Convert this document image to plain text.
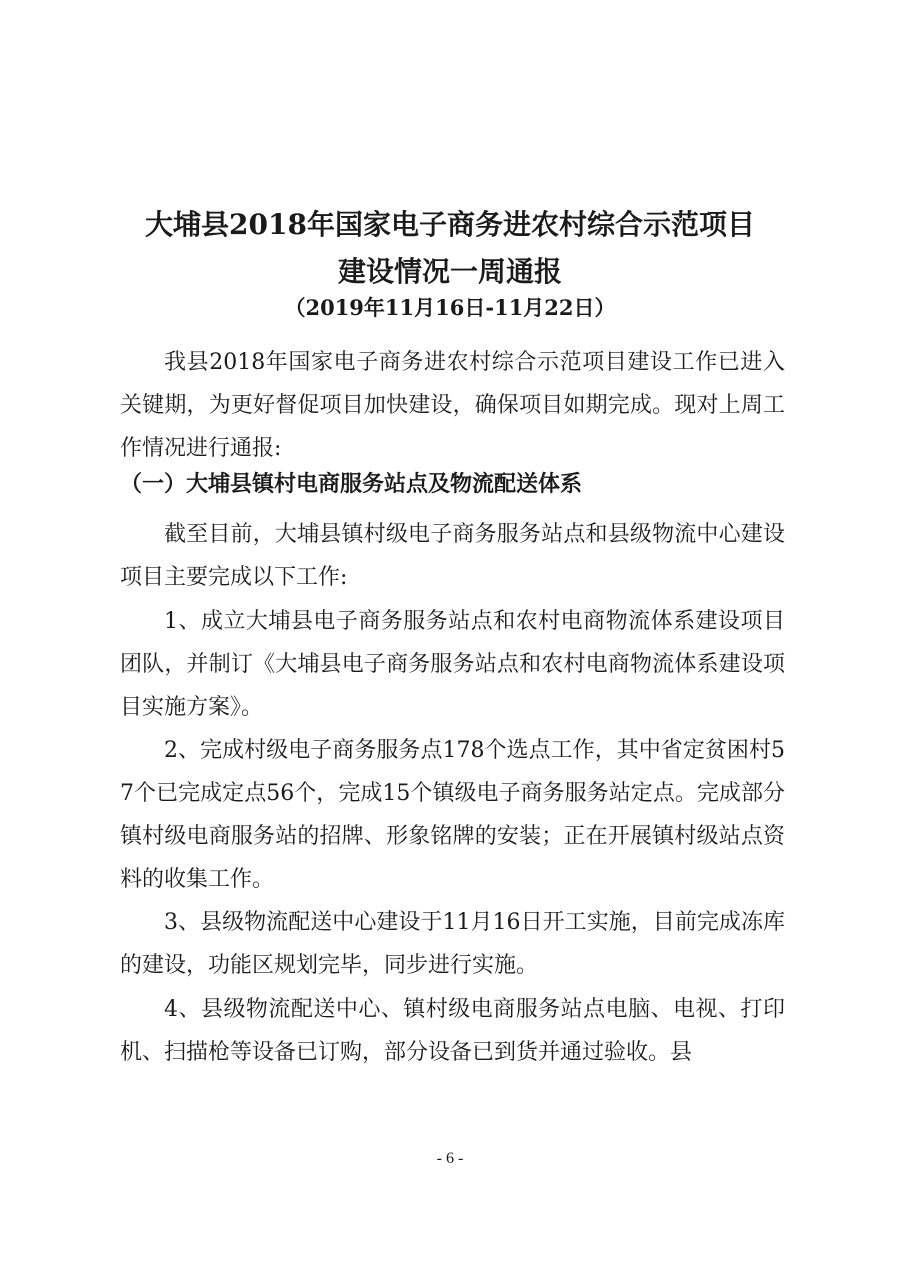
大埔县2018年国家电子商务进农村综合示范项目
建设情况一周通报

（2019年11月16日-11月22日）

我县2018年国家电子商务进农村综合示范项目建设工作已进入关键期，为更好督促项目加快建设，确保项目如期完成。现对上周工作情况进行通报:

（一）大埔县镇村电商服务站点及物流配送体系

截至目前，大埔县镇村级电子商务服务站点和县级物流中心建设项目主要完成以下工作:

1、成立大埔县电子商务服务站点和农村电商物流体系建设项目团队，并制订《大埔县电子商务服务站点和农村电商物流体系建设项目实施方案》。

2、完成村级电子商务服务点178个选点工作，其中省定贫困村57个已完成定点56个，完成15个镇级电子商务服务站定点。完成部分镇村级电商服务站的招牌、形象铭牌的安装；正在开展镇村级站点资料的收集工作。

3、县级物流配送中心建设于11月16日开工实施，目前完成冻库的建设，功能区规划完毕，同步进行实施。

4、县级物流配送中心、镇村级电商服务站点电脑、电视、打印机、扫描枪等设备已订购，部分设备已到货并通过验收。县

- 6 -
